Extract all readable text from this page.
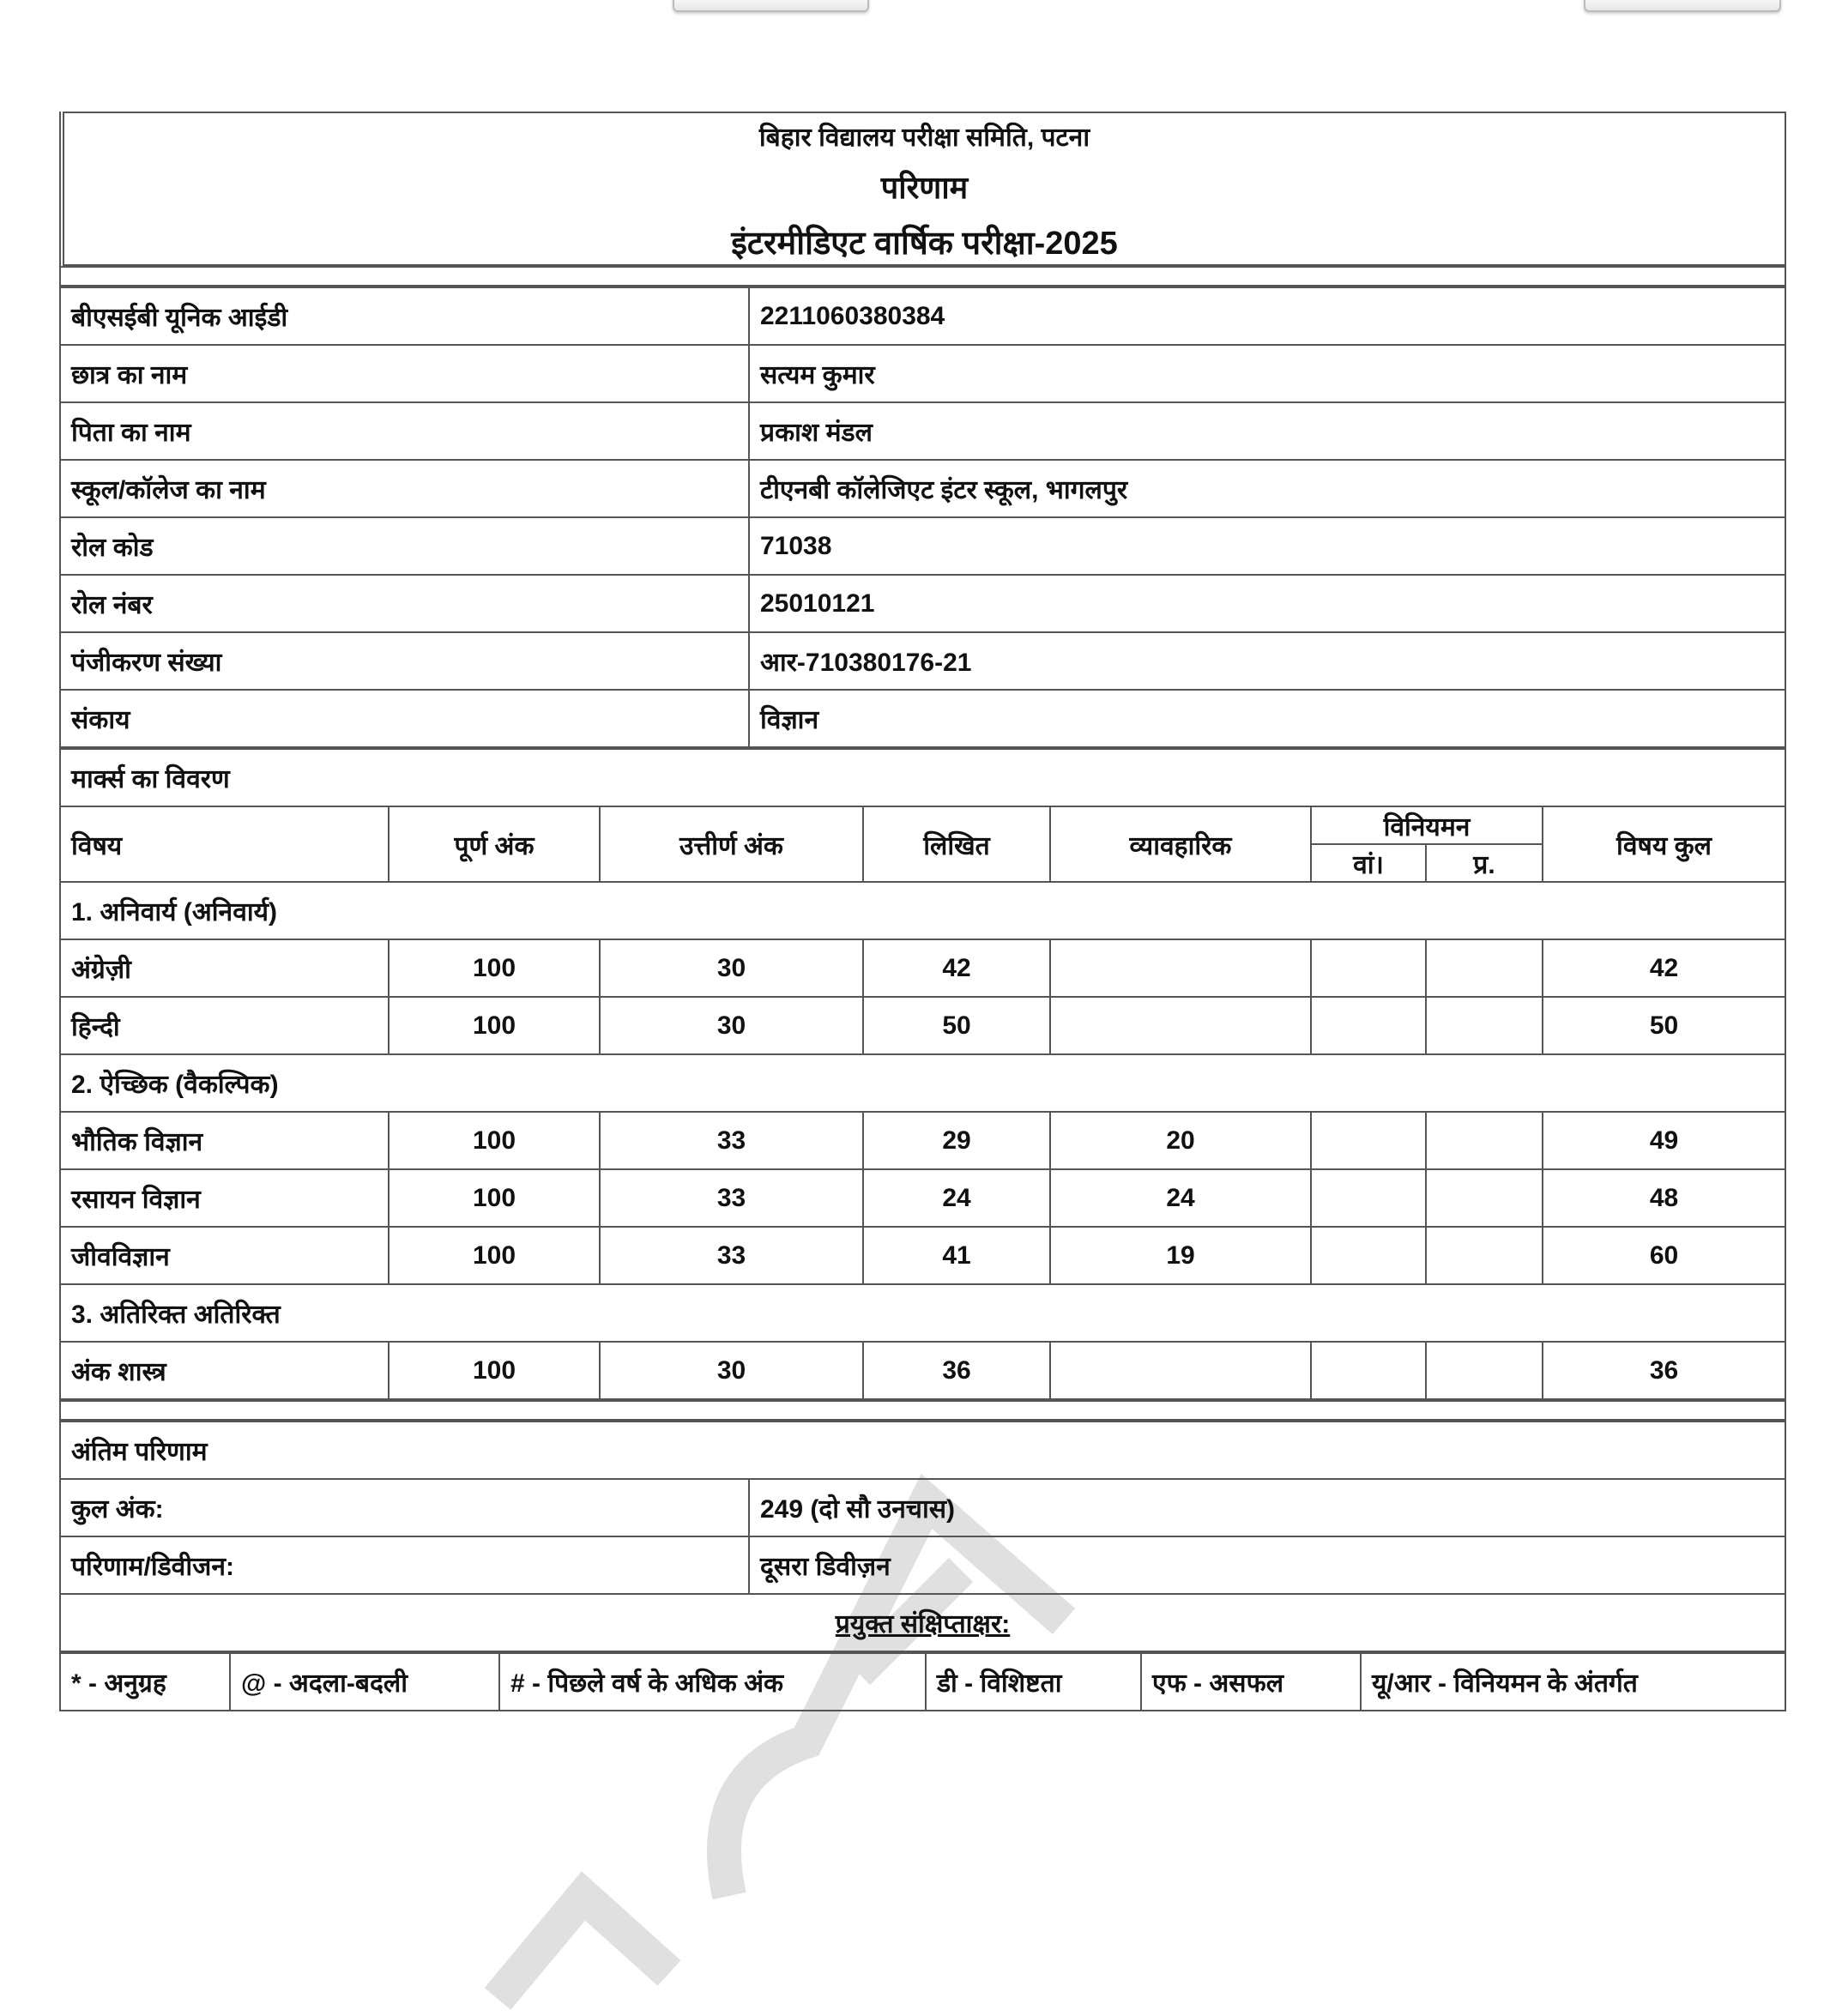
बिहार विद्यालय परीक्षा समिति, पटना
परिणाम
इंटरमीडिएट वार्षिक परीक्षा-2025
बीएसईबी यूनिक आईडी	2211060380384
छात्र का नाम	सत्यम कुमार
पिता का नाम	प्रकाश मंडल
स्कूल/कॉलेज का नाम	टीएनबी कॉलेजिएट इंटर स्कूल, भागलपुर
रोल कोड	71038
रोल नंबर	25010121
पंजीकरण संख्या	आर-710380176-21
संकाय	विज्ञान
मार्क्स का विवरण							
विषय	पूर्ण अंक	उत्तीर्ण अंक	लिखित	व्यावहारिक	विनियमन		विषय कुल
					वां।	प्र.	
1. अनिवार्य (अनिवार्य)							
अंग्रेज़ी	100	30	42				42
हिन्दी	100	30	50				50
2. ऐच्छिक (वैकल्पिक)							
भौतिक विज्ञान	100	33	29	20			49
रसायन विज्ञान	100	33	24	24			48
जीवविज्ञान	100	33	41	19			60
3. अतिरिक्त अतिरिक्त							
अंक शास्त्र	100	30	36				36
अंतिम परिणाम	
कुल अंक:	249 (दो सौ उनचास)
परिणाम/डिवीजन:	दूसरा डिवीज़न
प्रयुक्त संक्षिप्ताक्षर:	
* - अनुग्रह	@ - अदला-बदली	# - पिछले वर्ष के अधिक अंक	डी - विशिष्टता	एफ - असफल	यू/आर - विनियमन के अंतर्गत
